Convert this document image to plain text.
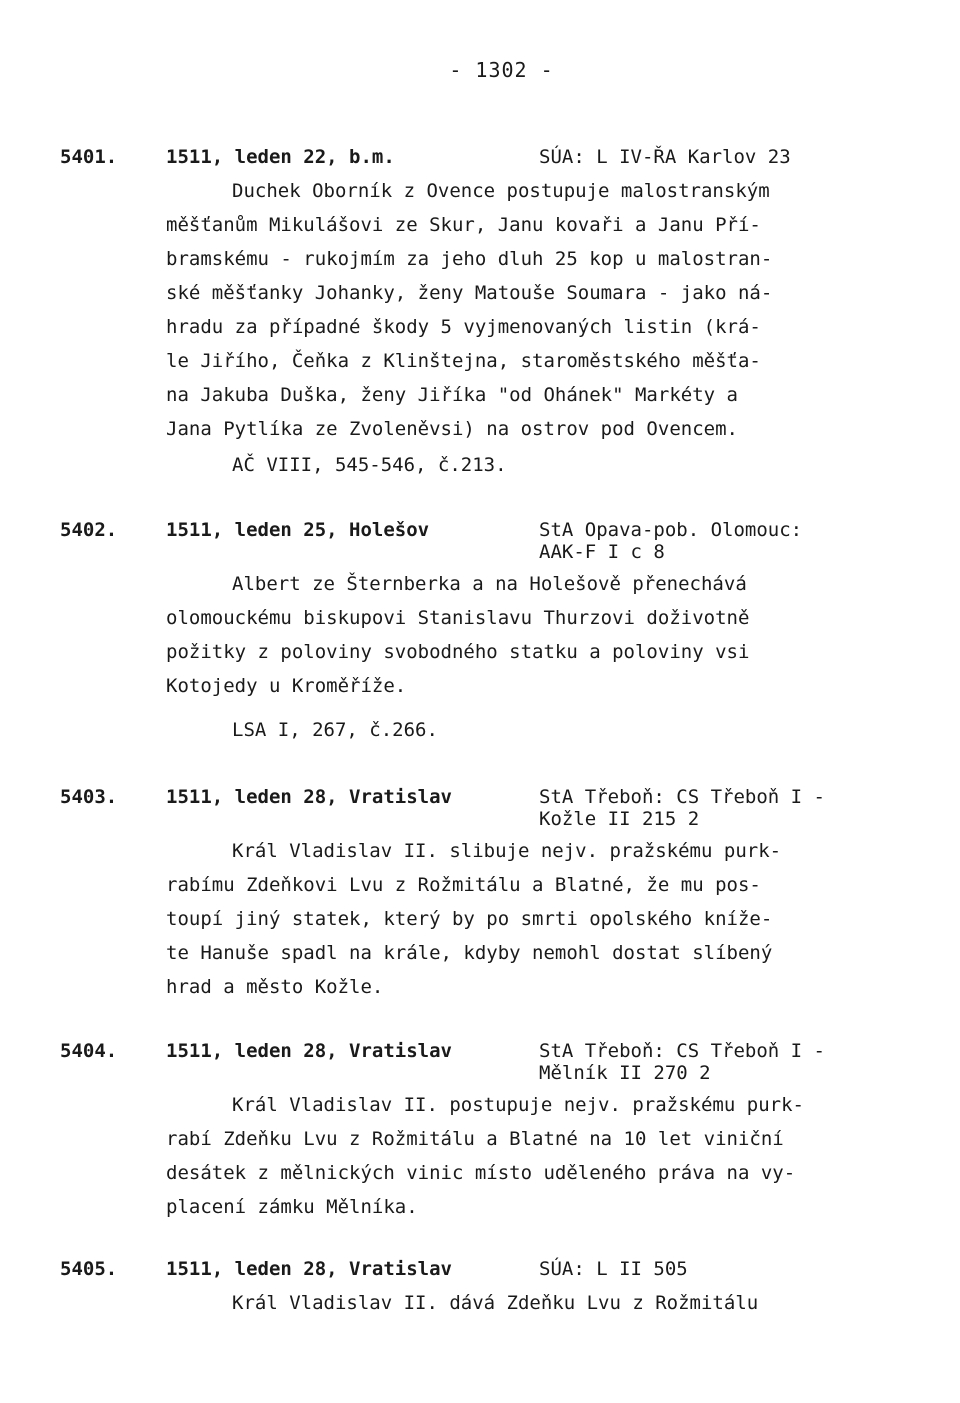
- 1302 -
5401.	1511, leden 22, b.m.	SÚA: L IV-ŘA Karlov 23
Duchek Oborník z Ovence postupuje malostranským
měšťanům Mikulášovi ze Skur, Janu kovaři a Janu Pří-
bramskému - rukojmím za jeho dluh 25 kop u malostran-
ské měšťanky Johanky, ženy Matouše Soumara - jako ná-
hradu za případné škody 5 vyjmenovaných listin (krá-
le Jiřího, Čeňka z Klinštejna, staroměstského měšťa-
na Jakuba Duška, ženy Jiříka "od Ohánek" Markéty a
Jana Pytlíka ze Zvoleněvsi) na ostrov pod Ovencem.
AČ VIII, 545-546, č.213.
5402.	1511, leden 25, Holešov	StA Opava-pob. Olomouc:
AAK-F I c 8
Albert ze Šternberka a na Holešově přenechává
olomouckému biskupovi Stanislavu Thurzovi doživotně
požitky z poloviny svobodného statku a poloviny vsi
Kotojedy u Kroměříže.
LSA I, 267, č.266.
5403.	1511, leden 28, Vratislav	StA Třeboň: CS Třeboň I -
Kožle II 215 2
Král Vladislav II. slibuje nejv. pražskému purk-
rabímu Zdeňkovi Lvu z Rožmitálu a Blatné, že mu pos-
toupí jiný statek, který by po smrti opolského kníže-
te Hanuše spadl na krále, kdyby nemohl dostat slíbený
hrad a město Kožle.
5404.	1511, leden 28, Vratislav	StA Třeboň: CS Třeboň I -
Mělník II 270 2
Král Vladislav II. postupuje nejv. pražskému purk-
rabí Zdeňku Lvu z Rožmitálu a Blatné na 10 let viniční
desátek z mělnických vinic místo uděleného práva na vy-
placení zámku Mělníka.
5405.	1511, leden 28, Vratislav	SÚA: L II 505
Král Vladislav II. dává Zdeňku Lvu z Rožmitálu
